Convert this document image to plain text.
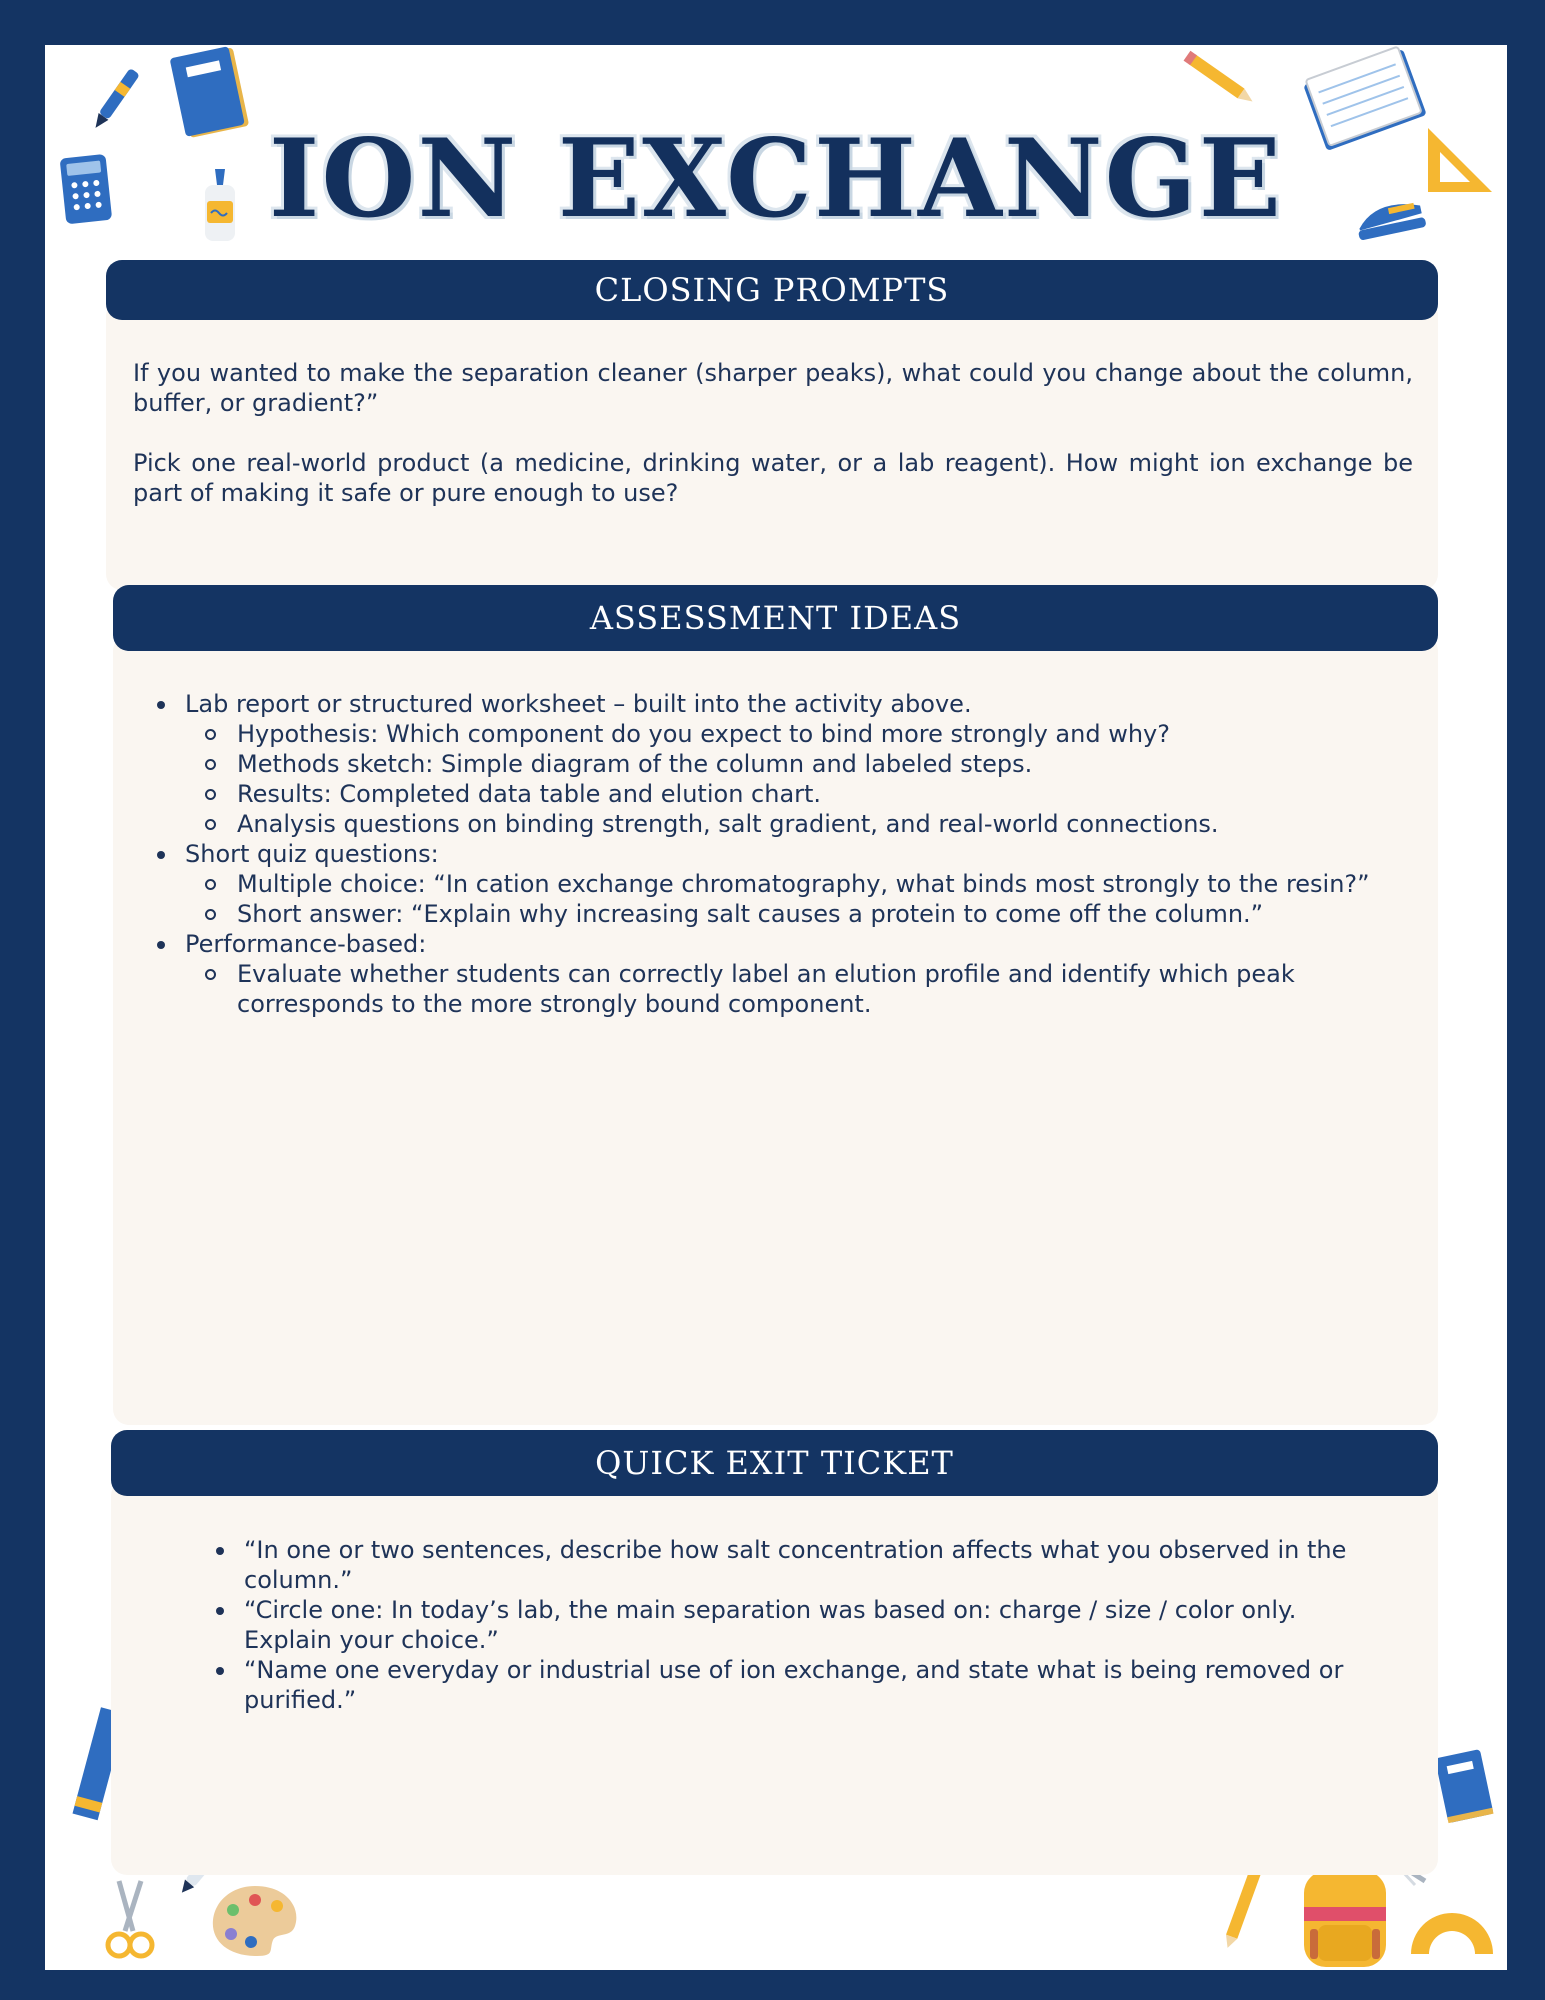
ION EXCHANGE
CLOSING PROMPTS

If you wanted to make the separation cleaner (sharper peaks), what could you change about the column, buffer, or gradient?”

Pick one real-world product (a medicine, drinking water, or a lab reagent). How might ion exchange be part of making it safe or pure enough to use?

ASSESSMENT IDEAS
Lab report or structured worksheet – built into the activity above.
Hypothesis: Which component do you expect to bind more strongly and why?
Methods sketch: Simple diagram of the column and labeled steps.
Results: Completed data table and elution chart.
Analysis questions on binding strength, salt gradient, and real-world connections.
Short quiz questions:
Multiple choice: “In cation exchange chromatography, what binds most strongly to the resin?”
Short answer: “Explain why increasing salt causes a protein to come off the column.”
Performance-based:
Evaluate whether students can correctly label an elution profile and identify which peak corresponds to the more strongly bound component.
QUICK EXIT TICKET
“In one or two sentences, describe how salt concentration affects what you observed in the column.”
“Circle one: In today’s lab, the main separation was based on: charge / size / color only. Explain your choice.”
“Name one everyday or industrial use of ion exchange, and state what is being removed or purified.”
